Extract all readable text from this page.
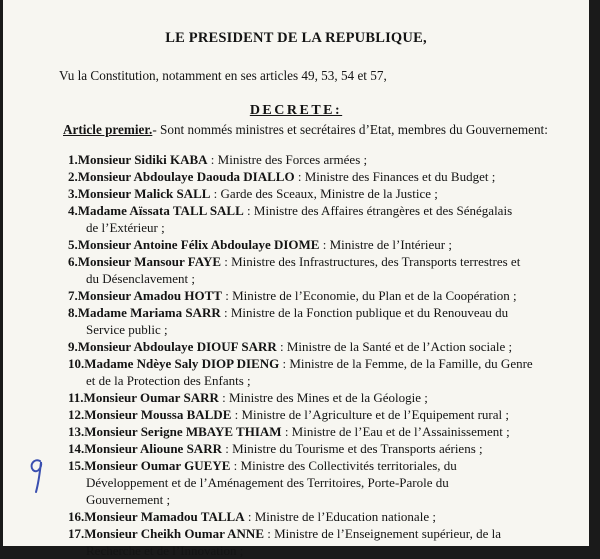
LE PRESIDENT DE LA REPUBLIQUE,
Vu la Constitution, notamment en ses articles 49, 53, 54 et 57,
DECRETE:
Article premier.- Sont nommés ministres et secrétaires d’Etat, membres du Gouvernement:
1.Monsieur Sidiki KABA : Ministre des Forces armées ;
2.Monsieur Abdoulaye Daouda DIALLO : Ministre des Finances et du Budget ;
3.Monsieur Malick SALL : Garde des Sceaux, Ministre de la Justice ;
4.Madame Aïssata TALL SALL : Ministre des Affaires étrangères et des Sénégalais
de l’Extérieur ;
5.Monsieur Antoine Félix Abdoulaye DIOME : Ministre de l’Intérieur ;
6.Monsieur Mansour FAYE : Ministre des Infrastructures, des Transports terrestres et
du Désenclavement ;
7.Monsieur Amadou HOTT : Ministre de l’Economie, du Plan et de la Coopération ;
8.Madame Mariama SARR : Ministre de la Fonction publique et du Renouveau du
Service public ;
9.Monsieur Abdoulaye DIOUF SARR : Ministre de la Santé et de l’Action sociale ;
10.Madame Ndèye Saly DIOP DIENG : Ministre de la Femme, de la Famille, du Genre
et de la Protection des Enfants ;
11.Monsieur Oumar SARR : Ministre des Mines et de la Géologie ;
12.Monsieur Moussa BALDE : Ministre de l’Agriculture et de l’Equipement rural ;
13.Monsieur Serigne MBAYE THIAM : Ministre de l’Eau et de l’Assainissement ;
14.Monsieur Alioune SARR : Ministre du Tourisme et des Transports aériens ;
15.Monsieur Oumar GUEYE : Ministre des Collectivités territoriales, du
Développement et de l’Aménagement des Territoires, Porte-Parole du
Gouvernement ;
16.Monsieur Mamadou TALLA : Ministre de l’Education nationale ;
17.Monsieur Cheikh Oumar ANNE : Ministre de l’Enseignement supérieur, de la
Recherche et de l’Innovation ;
